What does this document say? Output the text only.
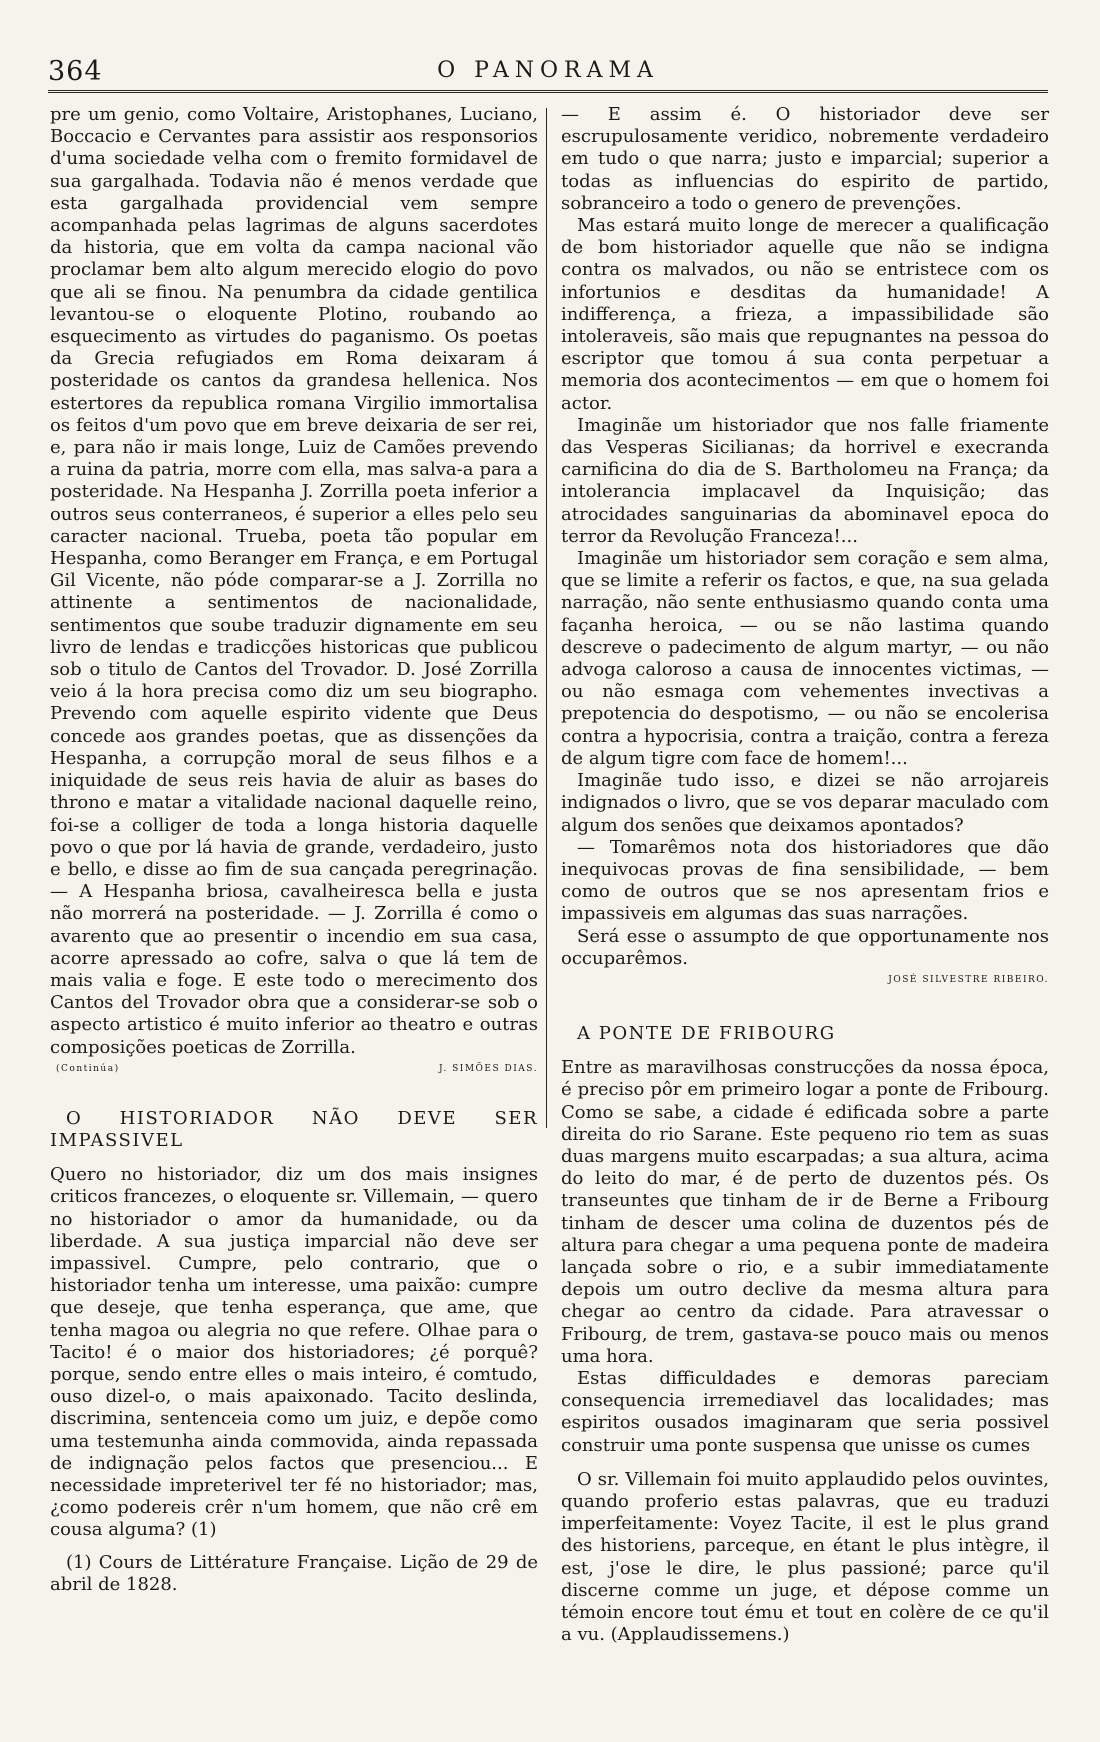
364	O PANORAMA

pre um genio, como Voltaire, Aristophanes, Luciano, Boccacio e Cervantes para assistir aos responsorios d'uma sociedade velha com o fremito formidavel de sua gargalhada. Todavia não é menos verdade que esta gargalhada providencial vem sempre acompanhada pelas lagrimas de alguns sacerdotes da historia, que em volta da campa nacional vão proclamar bem alto algum merecido elogio do povo que ali se finou. Na penumbra da cidade gentilica levantou-se o eloquente Plotino, roubando ao esquecimento as virtudes do paganismo. Os poetas da Grecia refugiados em Roma deixaram á posteridade os cantos da grandesa hellenica. Nos estertores da republica romana Virgilio immortalisa os feitos d'um povo que em breve deixaria de ser rei, e, para não ir mais longe, Luiz de Camões prevendo a ruina da patria, morre com ella, mas salva-a para a posteridade. Na Hespanha J. Zorrilla poeta inferior a outros seus conterraneos, é superior a elles pelo seu caracter nacional. Trueba, poeta tão popular em Hespanha, como Beranger em França, e em Portugal Gil Vicente, não póde comparar-se a J. Zorrilla no attinente a sentimentos de nacionalidade, sentimentos que soube traduzir dignamente em seu livro de lendas e tradicções historicas que publicou sob o titulo de Cantos del Trovador. D. José Zorrilla veio á la hora precisa como diz um seu biographo. Prevendo com aquelle espirito vidente que Deus concede aos grandes poetas, que as dissenções da Hespanha, a corrupção moral de seus filhos e a iniquidade de seus reis havia de aluir as bases do throno e matar a vitalidade nacional daquelle reino, foi-se a colliger de toda a longa historia daquelle povo o que por lá havia de grande, verdadeiro, justo e bello, e disse ao fim de sua cançada peregrinação. — A Hespanha briosa, cavalheiresca bella e justa não morrerá na posteridade. — J. Zorrilla é como o avarento que ao presentir o incendio em sua casa, acorre apressado ao cofre, salva o que lá tem de mais valia e foge. E este todo o merecimento dos Cantos del Trovador obra que a considerar-se sob o aspecto artistico é muito inferior ao theatro e outras composições poeticas de Zorrilla.

(Continúa)	J. SIMÕES DIAS.

O HISTORIADOR NÃO DEVE SER IMPASSIVEL

Quero no historiador, diz um dos mais insignes criticos francezes, o eloquente sr. Villemain, — quero no historiador o amor da humanidade, ou da liberdade. A sua justiça imparcial não deve ser impassivel. Cumpre, pelo contrario, que o historiador tenha um interesse, uma paixão: cumpre que deseje, que tenha esperança, que ame, que tenha magoa ou alegria no que refere. Olhae para o Tacito! é o maior dos historiadores; ¿é porquê? porque, sendo entre elles o mais inteiro, é comtudo, ouso dizel-o, o mais apaixonado. Tacito deslinda, discrimina, sentenceia como um juiz, e depõe como uma testemunha ainda commovida, ainda repassada de indignação pelos factos que presenciou... E necessidade impreterivel ter fé no historiador; mas, ¿como podereis crêr n'um homem, que não crê em cousa alguma? (1)

(1) Cours de Littérature Française. Lição de 29 de abril de 1828.

— E assim é. O historiador deve ser escrupulosamente veridico, nobremente verdadeiro em tudo o que narra; justo e imparcial; superior a todas as influencias do espirito de partido, sobranceiro a todo o genero de prevenções.

Mas estará muito longe de merecer a qualificação de bom historiador aquelle que não se indigna contra os malvados, ou não se entristece com os infortunios e desditas da humanidade! A indifferença, a frieza, a impassibilidade são intoleraveis, são mais que repugnantes na pessoa do escriptor que tomou á sua conta perpetuar a memoria dos acontecimentos — em que o homem foi actor.

Imaginãe um historiador que nos falle friamente das Vesperas Sicilianas; da horrivel e execranda carnificina do dia de S. Bartholomeu na França; da intolerancia implacavel da Inquisição; das atrocidades sanguinarias da abominavel epoca do terror da Revolução Franceza!...

Imaginãe um historiador sem coração e sem alma, que se limite a referir os factos, e que, na sua gelada narração, não sente enthusiasmo quando conta uma façanha heroica, — ou se não lastima quando descreve o padecimento de algum martyr, — ou não advoga caloroso a causa de innocentes victimas, — ou não esmaga com vehementes invectivas a prepotencia do despotismo, — ou não se encolerisa contra a hypocrisia, contra a traição, contra a fereza de algum tigre com face de homem!...

Imaginãe tudo isso, e dizei se não arrojareis indignados o livro, que se vos deparar maculado com algum dos senões que deixamos apontados?

— Tomarêmos nota dos historiadores que dão inequivocas provas de fina sensibilidade, — bem como de outros que se nos apresentam frios e impassiveis em algumas das suas narrações.

Será esse o assumpto de que opportunamente nos occuparêmos.

JOSÉ SILVESTRE RIBEIRO.

A PONTE DE FRIBOURG

Entre as maravilhosas construcções da nossa época, é preciso pôr em primeiro logar a ponte de Fribourg. Como se sabe, a cidade é edificada sobre a parte direita do rio Sarane. Este pequeno rio tem as suas duas margens muito escarpadas; a sua altura, acima do leito do mar, é de perto de duzentos pés. Os transeuntes que tinham de ir de Berne a Fribourg tinham de descer uma colina de duzentos pés de altura para chegar a uma pequena ponte de madeira lançada sobre o rio, e a subir immediatamente depois um outro declive da mesma altura para chegar ao centro da cidade. Para atravessar o Fribourg, de trem, gastava-se pouco mais ou menos uma hora.

Estas difficuldades e demoras pareciam consequencia irremediavel das localidades; mas espiritos ousados imaginaram que seria possivel construir uma ponte suspensa que unisse os cumes

O sr. Villemain foi muito applaudido pelos ouvintes, quando proferio estas palavras, que eu traduzi imperfeitamente: Voyez Tacite, il est le plus grand des historiens, parceque, en étant le plus intègre, il est, j'ose le dire, le plus passioné; parce qu'il discerne comme un juge, et dépose comme un témoin encore tout ému et tout en colère de ce qu'il a vu. (Applaudissemens.)
